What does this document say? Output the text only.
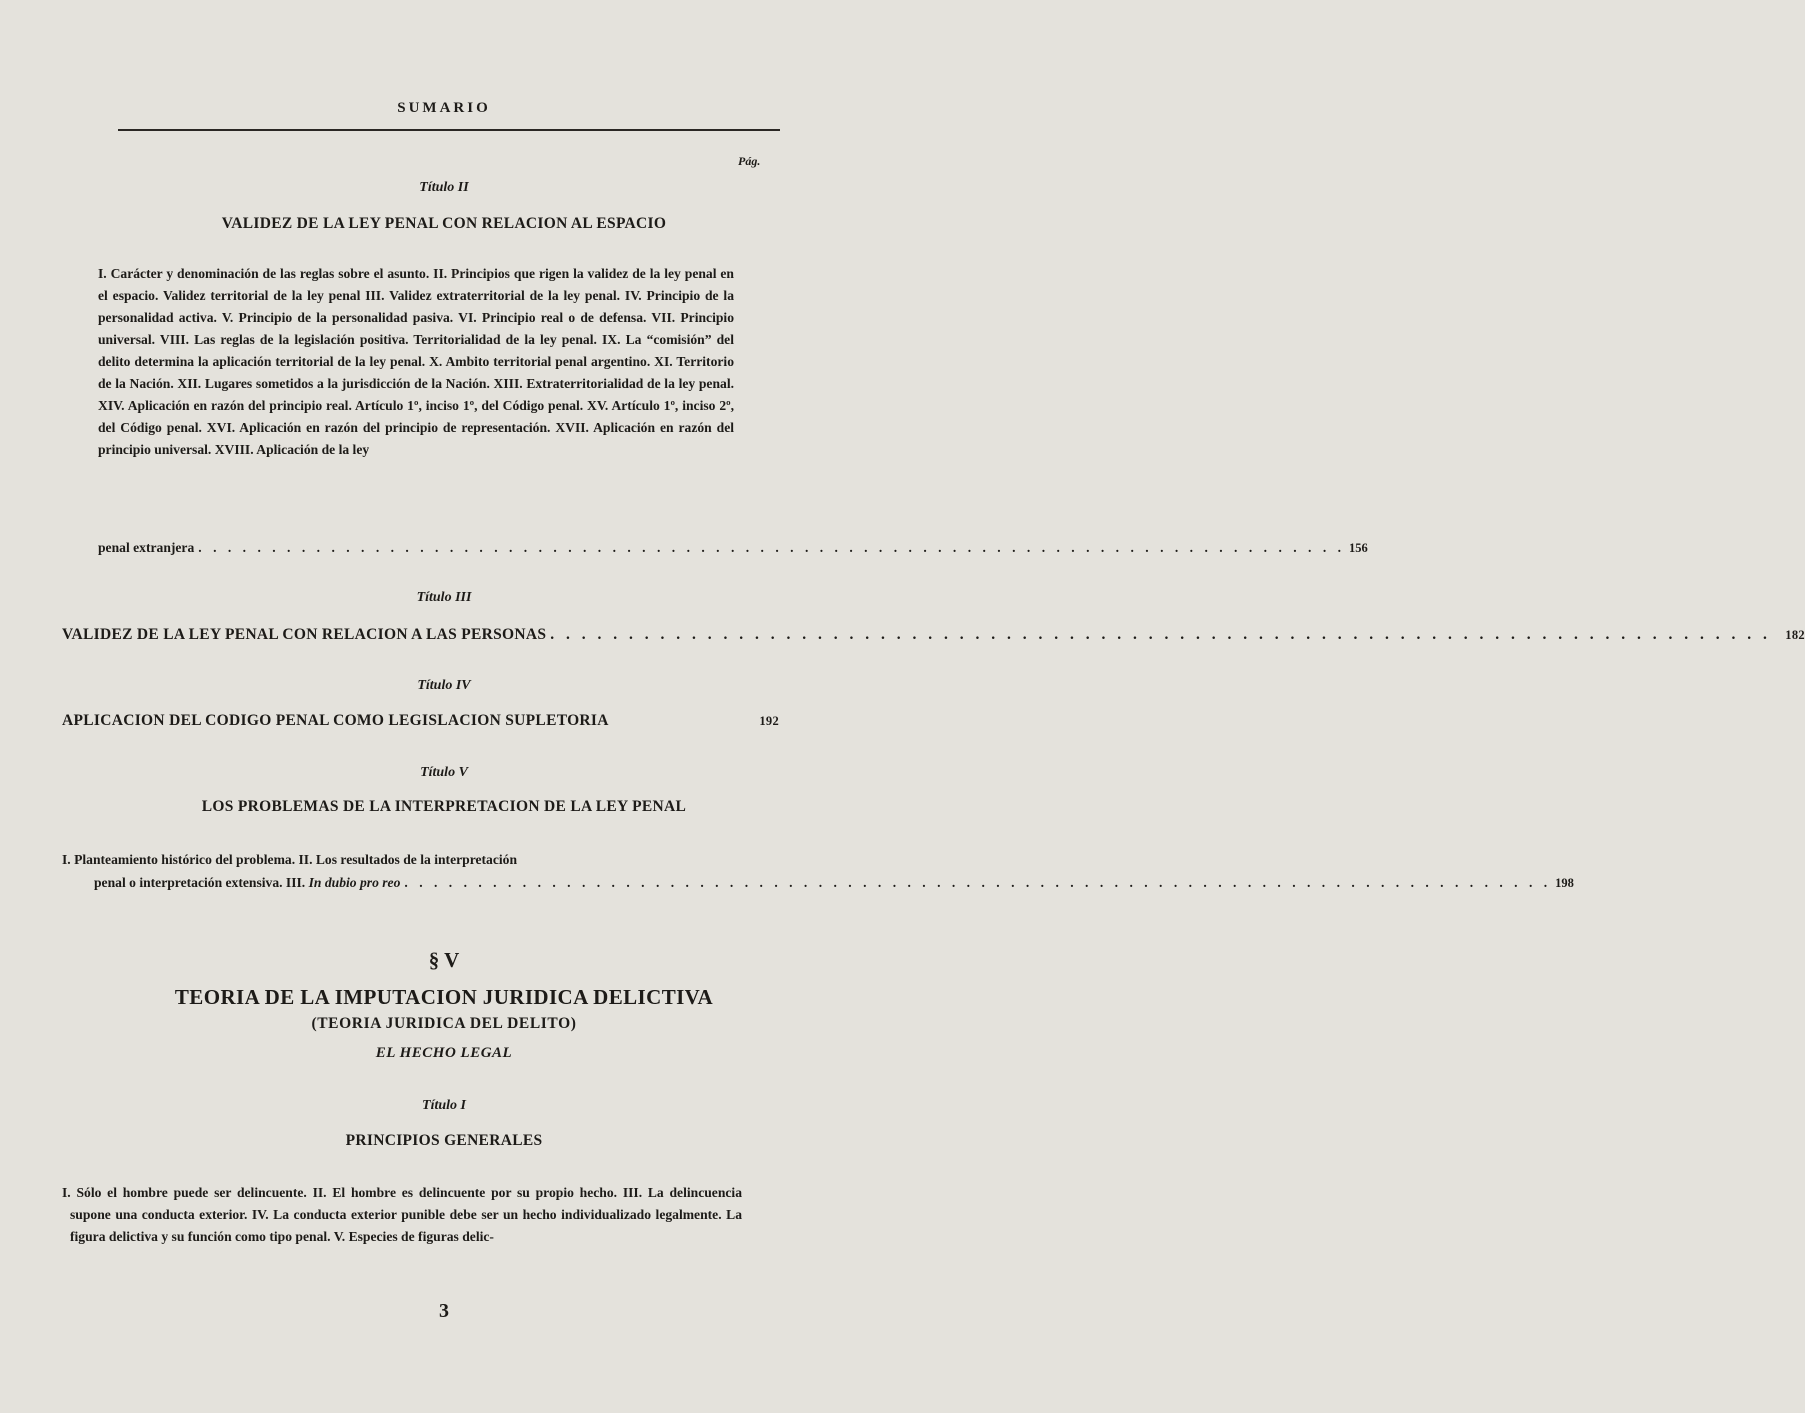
SUMARIO
Pág.
Título II
VALIDEZ DE LA LEY PENAL CON RELACION AL ESPACIO
I. Carácter y denominación de las reglas sobre el asunto. II. Principios que rigen la validez de la ley penal en el espacio. Validez territorial de la ley penal III. Validez extraterritorial de la ley penal. IV. Principio de la personalidad activa. V. Principio de la personalidad pasiva. VI. Principio real o de defensa. VII. Principio universal. VIII. Las reglas de la legislación positiva. Territorialidad de la ley penal. IX. La “comisión” del delito determina la aplicación territorial de la ley penal. X. Ambito territorial penal argentino. XI. Territorio de la Nación. XII. Lugares sometidos a la jurisdicción de la Nación. XIII. Extraterritorialidad de la ley penal. XIV. Aplicación en razón del principio real. Artículo 1º, inciso 1º, del Código penal. XV. Artículo 1º, inciso 2º, del Código penal. XVI. Aplicación en razón del principio de representación. XVII. Aplicación en razón del principio universal. XVIII. Aplicación de la ley
penal extranjera . . . . . . . . . . . . . . . . . . . . . . . . . . . . . . . . . . . . . . . . . . . . . . . . . . . . . . . . . . . . . . . . . . . . . . . . . . . . . . 156
Título III
VALIDEZ DE LA LEY PENAL CON RELACION A LAS PERSONAS . . . . . . . . . . . . . . . . . . . . . . . . . . . . . . . . . . . . . . . . . . . . . . . . . . . . . . . . . . . . . . . . . . . . . . . . . . . . . .	182
Título IV
APLICACION DEL CODIGO PENAL COMO LEGISLACION SUPLETORIA	192
Título V
LOS PROBLEMAS DE LA INTERPRETACION DE LA LEY PENAL
I. Planteamiento histórico del problema. II. Los resultados de la interpretación
penal o interpretación extensiva. III. In dubio pro reo . . . . . . . . . . . . . . . . . . . . . . . . . . . . . . . . . . . . . . . . . . . . . . . . . . . . . . . . . . . . . . . . . . . . . . . . . . . . . . 198
§ V
TEORIA DE LA IMPUTACION JURIDICA DELICTIVA
(TEORIA JURIDICA DEL DELITO)
EL HECHO LEGAL
Título I
PRINCIPIOS GENERALES
I. Sólo el hombre puede ser delincuente. II. El hombre es delincuente por su propio hecho. III. La delincuencia supone una conducta exterior. IV. La conducta exterior punible debe ser un hecho individualizado legalmente. La figura delictiva y su función como tipo penal. V. Especies de figuras delic-
3
